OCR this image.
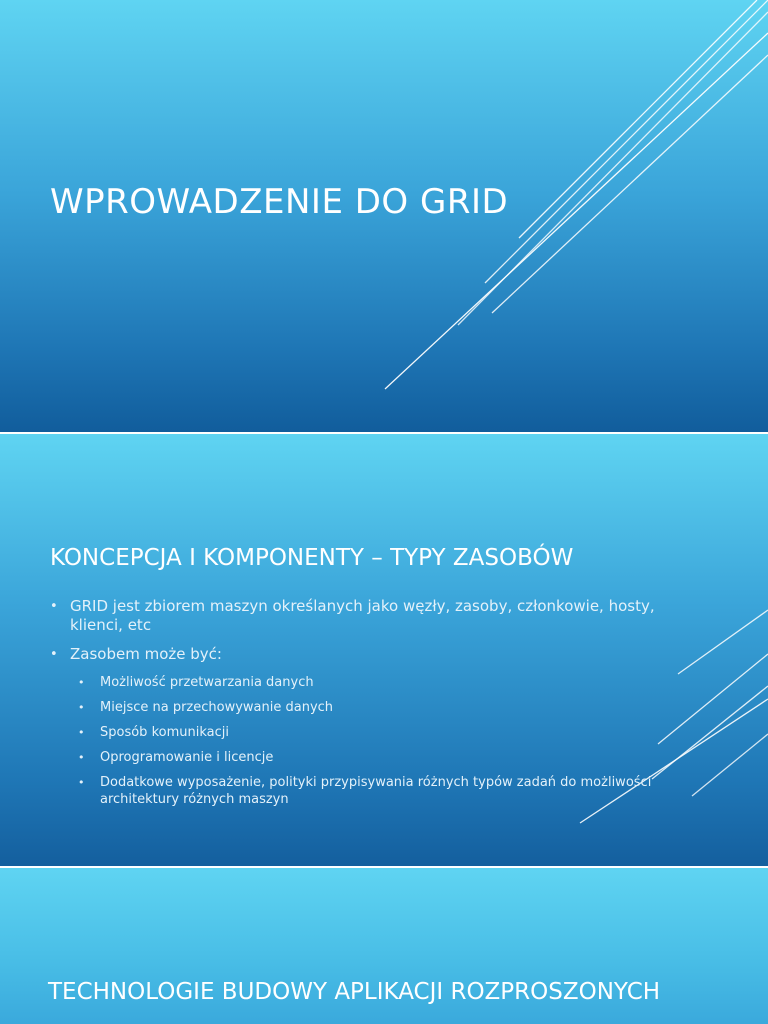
WPROWADZENIE DO GRID
KONCEPCJA I KOMPONENTY – TYPY ZASOBÓW
• GRID jest zbiorem maszyn określanych jako węzły, zasoby, członkowie, hosty, klienci, etc
• Zasobem może być:
• Możliwość przetwarzania danych
• Miejsce na przechowywanie danych
• Sposób komunikacji
• Oprogramowanie i licencje
• Dodatkowe wyposażenie, polityki przypisywania różnych typów zadań do możliwości architektury różnych maszyn
TECHNOLOGIE BUDOWY APLIKACJI ROZPROSZONYCH
